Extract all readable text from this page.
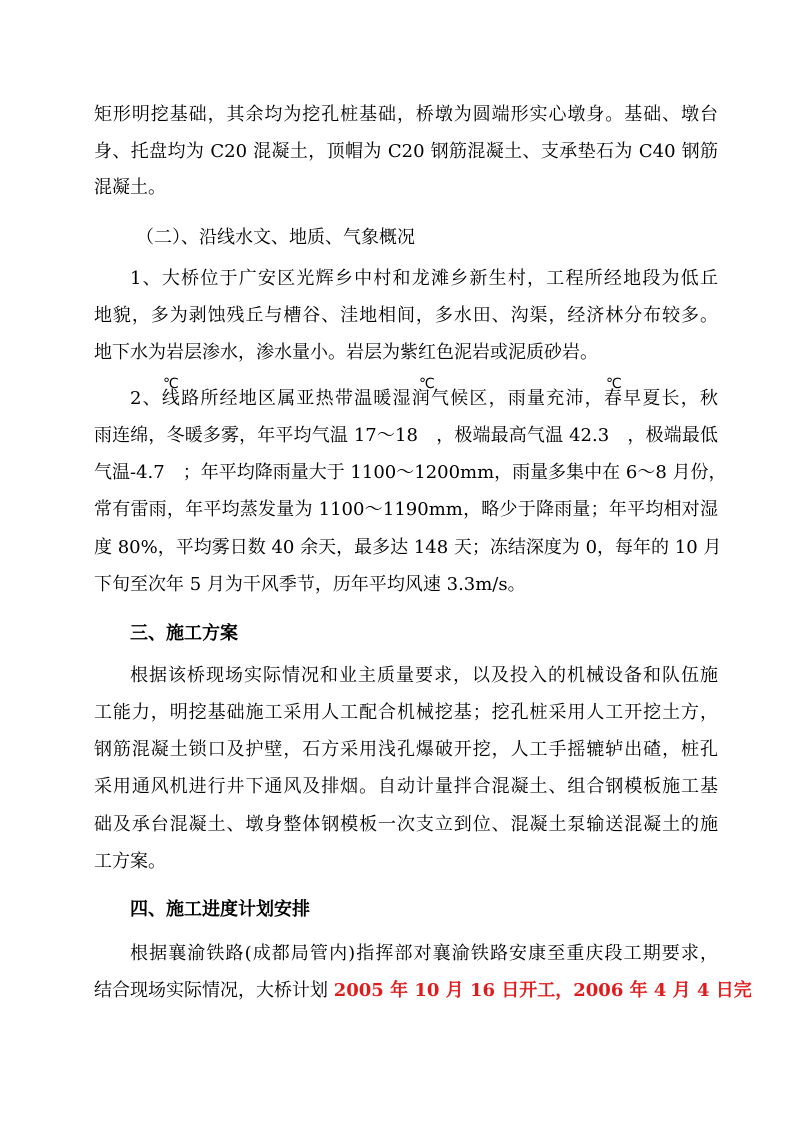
矩形明挖基础，其余均为挖孔桩基础，桥墩为圆端形实心墩身。基础、墩台
身、托盘均为 C20 混凝土，顶帽为 C20 钢筋混凝土、支承垫石为 C40 钢筋
混凝土。
（二）、沿线水文、地质、气象概况
1、大桥位于广安区光辉乡中村和龙滩乡新生村，工程所经地段为低丘
地貌，多为剥蚀残丘与槽谷、洼地相间，多水田、沟渠，经济林分布较多。
地下水为岩层渗水，渗水量小。岩层为紫红色泥岩或泥质砂岩。
2、线路所经地区属亚热带温暖湿润气候区，雨量充沛，春早夏长，秋
雨连绵，冬暖多雾，年平均气温 17～18　，极端最高气温 42.3　，极端最低
气温-4.7　；年平均降雨量大于 1100～1200mm，雨量多集中在 6～8 月份，
常有雷雨，年平均蒸发量为 1100～1190mm，略少于降雨量；年平均相对湿
度 80%，平均雾日数 40 余天，最多达 148 天；冻结深度为 0，每年的 10 月
下旬至次年 5 月为干风季节，历年平均风速 3.3m/s。
℃	℃	℃
三、施工方案
根据该桥现场实际情况和业主质量要求，以及投入的机械设备和队伍施
工能力，明挖基础施工采用人工配合机械挖基；挖孔桩采用人工开挖土方，
钢筋混凝土锁口及护壁，石方采用浅孔爆破开挖，人工手摇辘轳出碴，桩孔
采用通风机进行井下通风及排烟。自动计量拌合混凝土、组合钢模板施工基
础及承台混凝土、墩身整体钢模板一次支立到位、混凝土泵输送混凝土的施
工方案。
四、施工进度计划安排
根据襄渝铁路(成都局管内)指挥部对襄渝铁路安康至重庆段工期要求，
结合现场实际情况，大桥计划 2005 年 10 月 16 日开工，2006 年 4 月 4 日完
